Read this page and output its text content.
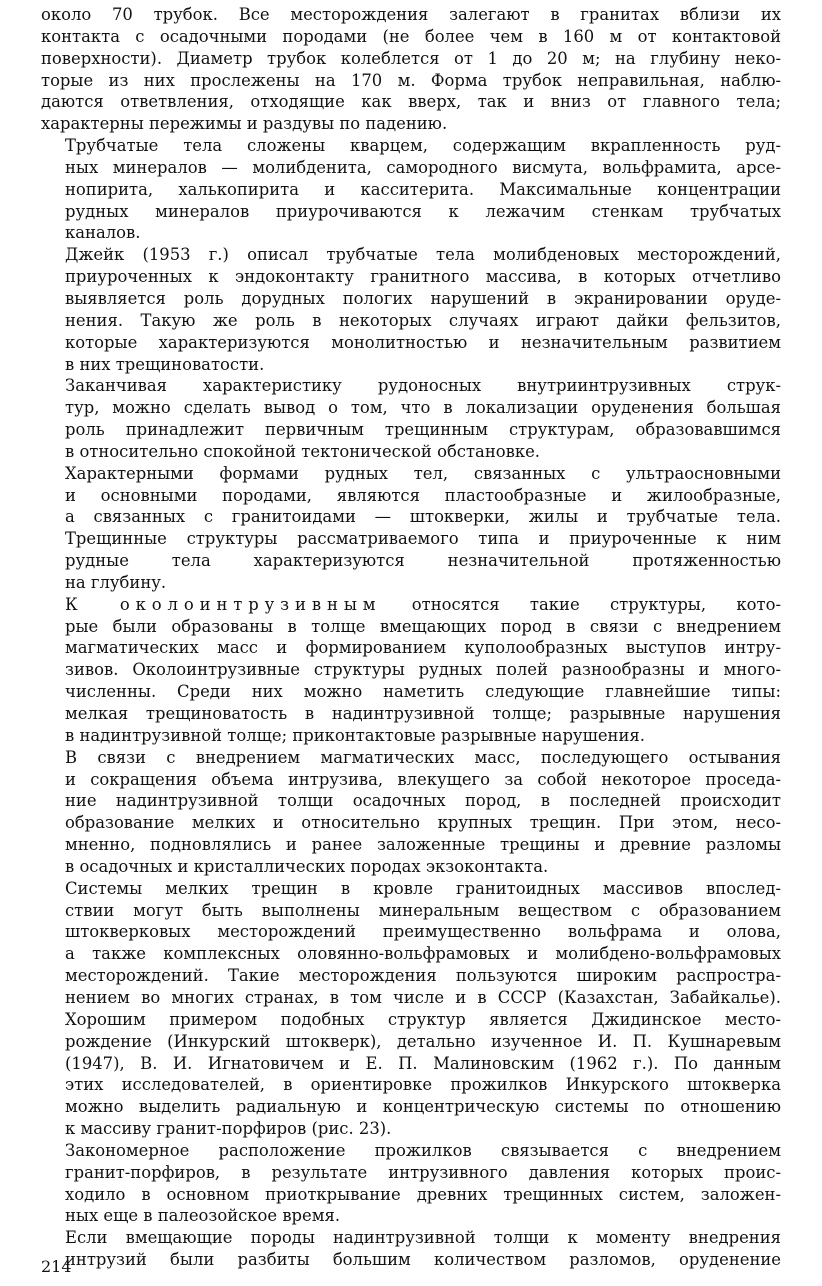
около 70 трубок. Все месторождения залегают в гранитах вблизи их
контакта с осадочными породами (не более чем в 160 м от контактовой
поверхности). Диаметр трубок колеблется от 1 до 20 м; на глубину неко-
торые из них прослежены на 170 м. Форма трубок неправильная, наблю-
даются ответвления, отходящие как вверх, так и вниз от главного тела;
характерны пережимы и раздувы по падению.

Трубчатые тела сложены кварцем, содержащим вкрапленность руд-
ных минералов — молибденита, самородного висмута, вольфрамита, арсе-
нопирита, халькопирита и касситерита. Максимальные концентрации
рудных минералов приурочиваются к лежачим стенкам трубчатых
каналов.

Джейк (1953 г.) описал трубчатые тела молибденовых месторождений,
приуроченных к эндоконтакту гранитного массива, в которых отчетливо
выявляется роль дорудных пологих нарушений в экранировании оруде-
нения. Такую же роль в некоторых случаях играют дайки фельзитов,
которые характеризуются монолитностью и незначительным развитием
в них трещиноватости.

Заканчивая характеристику рудоносных внутриинтрузивных струк-
тур, можно сделать вывод о том, что в локализации оруденения большая
роль принадлежит первичным трещинным структурам, образовавшимся
в относительно спокойной тектонической обстановке.

Характерными формами рудных тел, связанных с ультраосновными
и основными породами, являются пластообразные и жилообразные,
а связанных с гранитоидами — штокверки, жилы и трубчатые тела.
Трещинные структуры рассматриваемого типа и приуроченные к ним
рудные тела характеризуются незначительной протяженностью
на глубину.

К околоинтрузивным относятся такие структуры, кото-
рые были образованы в толще вмещающих пород в связи с внедрением
магматических масс и формированием куполообразных выступов интру-
зивов. Околоинтрузивные структуры рудных полей разнообразны и много-
численны. Среди них можно наметить следующие главнейшие типы:
мелкая трещиноватость в надинтрузивной толще; разрывные нарушения
в надинтрузивной толще; приконтактовые разрывные нарушения.

В связи с внедрением магматических масс, последующего остывания
и сокращения объема интрузива, влекущего за собой некоторое проседа-
ние надинтрузивной толщи осадочных пород, в последней происходит
образование мелких и относительно крупных трещин. При этом, несо-
мненно, подновлялись и ранее заложенные трещины и древние разломы
в осадочных и кристаллических породах экзоконтакта.

Системы мелких трещин в кровле гранитоидных массивов впослед-
ствии могут быть выполнены минеральным веществом с образованием
штокверковых месторождений преимущественно вольфрама и олова,
а также комплексных оловянно-вольфрамовых и молибдено-вольфрамовых
месторождений. Такие месторождения пользуются широким распростра-
нением во многих странах, в том числе и в СССР (Казахстан, Забайкалье).
Хорошим примером подобных структур является Джидинское место-
рождение (Инкурский штокверк), детально изученное И. П. Кушнаревым
(1947), В. И. Игнатовичем и Е. П. Малиновским (1962 г.). По данным
этих исследователей, в ориентировке прожилков Инкурского штокверка
можно выделить радиальную и концентрическую системы по отношению
к массиву гранит-порфиров (рис. 23).

Закономерное расположение прожилков связывается с внедрением
гранит-порфиров, в результате интрузивного давления которых проис-
ходило в основном приоткрывание древних трещинных систем, заложен-
ных еще в палеозойское время.

Если вмещающие породы надинтрузивной толщи к моменту внедрения
интрузий были разбиты большим количеством разломов, оруденение

214
